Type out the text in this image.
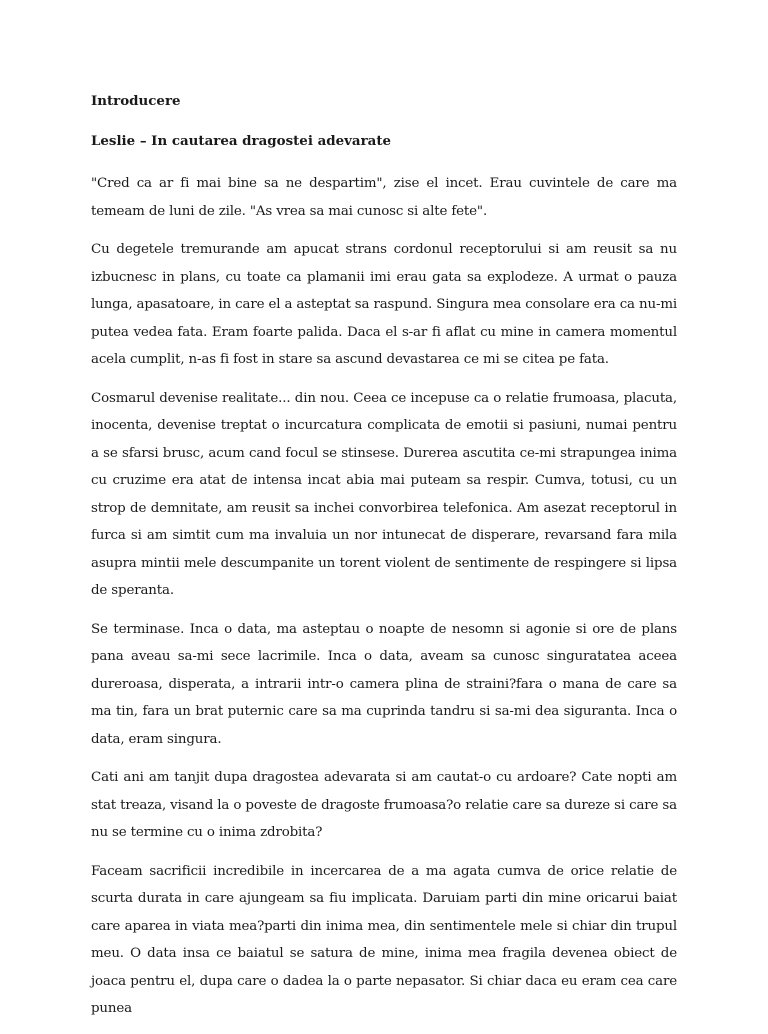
Introducere
Leslie – In cautarea dragostei adevarate

"Cred ca ar fi mai bine sa ne despartim", zise el incet. Erau cuvintele de care ma temeam de luni de zile. "As vrea sa mai cunosc si alte fete".

Cu degetele tremurande am apucat strans cordonul receptorului si am reusit sa nu izbucnesc in plans, cu toate ca plamanii imi erau gata sa explodeze. A urmat o pauza lunga, apasatoare, in care el a asteptat sa raspund. Singura mea consolare era ca nu-mi putea vedea fata. Eram foarte palida. Daca el s-ar fi aflat cu mine in camera momentul acela cumplit, n-as fi fost in stare sa ascund devastarea ce mi se citea pe fata.

Cosmarul devenise realitate... din nou. Ceea ce incepuse ca o relatie frumoasa, placuta, inocenta, devenise treptat o incurcatura complicata de emotii si pasiuni, numai pentru a se sfarsi brusc, acum cand focul se stinsese. Durerea ascutita ce-mi strapungea inima cu cruzime era atat de intensa incat abia mai puteam sa respir. Cumva, totusi, cu un strop de demnitate, am reusit sa inchei convorbirea telefonica. Am asezat receptorul in furca si am simtit cum ma invaluia un nor intunecat de disperare, revarsand fara mila asupra mintii mele descumpanite un torent violent de sentimente de respingere si lipsa de speranta.

Se terminase. Inca o data, ma asteptau o noapte de nesomn si agonie si ore de plans pana aveau sa-mi sece lacrimile. Inca o data, aveam sa cunosc singuratatea aceea dureroasa, disperata, a intrarii intr-o camera plina de straini?fara o mana de care sa ma tin, fara un brat puternic care sa ma cuprinda tandru si sa-mi dea siguranta. Inca o data, eram singura.

Cati ani am tanjit dupa dragostea adevarata si am cautat-o cu ardoare? Cate nopti am stat treaza, visand la o poveste de dragoste frumoasa?o relatie care sa dureze si care sa nu se termine cu o inima zdrobita?

Faceam sacrificii incredibile in incercarea de a ma agata cumva de orice relatie de scurta durata in care ajungeam sa fiu implicata. Daruiam parti din mine oricarui baiat care aparea in viata mea?parti din inima mea, din sentimentele mele si chiar din trupul meu. O data insa ce baiatul se satura de mine, inima mea fragila devenea obiect de joaca pentru el, dupa care o dadea la o parte nepasator. Si chiar daca eu eram cea care punea
